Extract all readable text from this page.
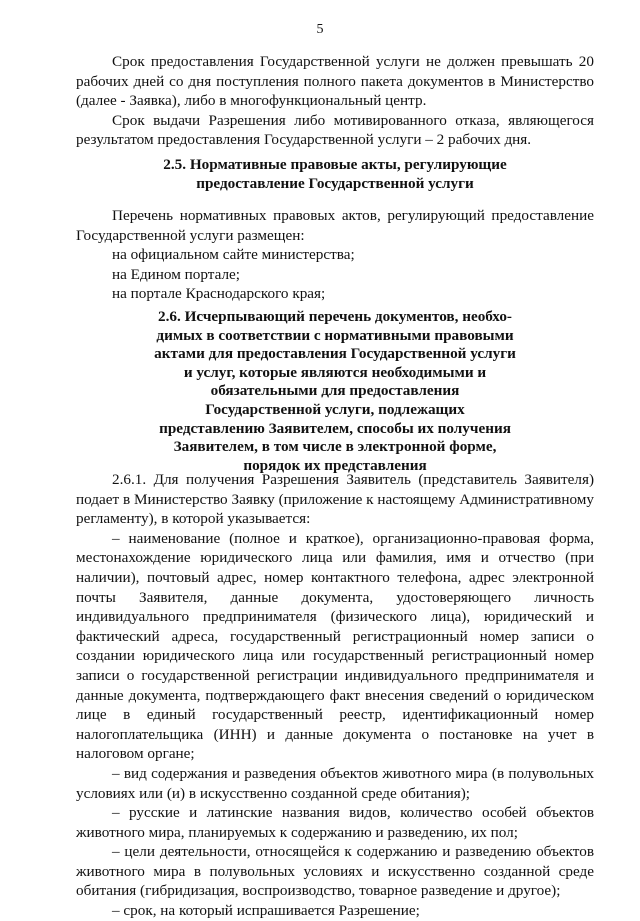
5

Срок предоставления Государственной услуги не должен превышать 20 рабочих дней со дня поступления полного пакета документов в Министерство (далее - Заявка), либо в многофункциональный центр.

Срок выдачи Разрешения либо мотивированного отказа, являющегося результатом предоставления Государственной услуги – 2 рабочих дня.

2.5. Нормативные правовые акты, регулирующие

предоставление Государственной услуги

Перечень нормативных правовых актов, регулирующий предоставление Государственной услуги размещен:

на официальном сайте министерства;

на Едином портале;

на портале Краснодарского края;

2.6. Исчерпывающий перечень документов, необхо-

димых в соответствии с нормативными правовыми

актами для предоставления Государственной услуги

и услуг, которые являются необходимыми и

обязательными для предоставления

Государственной услуги, подлежащих

представлению Заявителем, способы их получения

Заявителем, в том числе в электронной форме,

порядок их представления

2.6.1. Для получения Разрешения Заявитель (представитель Заявителя) подает в Министерство Заявку (приложение к настоящему Административному регламенту), в которой указывается:

– наименование (полное и краткое), организационно-правовая форма, местонахождение юридического лица или фамилия, имя и отчество (при наличии), почтовый адрес, номер контактного телефона, адрес электронной почты Заявителя, данные документа, удостоверяющего личность индивидуального предпринимателя (физического лица), юридический и фактический адреса, государственный регистрационный номер записи о создании юридического лица или государственный регистрационный номер записи о государственной регистрации индивидуального предпринимателя и данные документа, подтверждающего факт внесения сведений о юридическом лице в единый государственный реестр, идентификационный номер налогоплательщика (ИНН) и данные документа о постановке на учет в налоговом органе;

– вид содержания и разведения объектов животного мира (в полувольных условиях или (и) в искусственно созданной среде обитания);

– русские и латинские названия видов, количество особей объектов животного мира, планируемых к содержанию и разведению, их пол;

– цели деятельности, относящейся к содержанию и разведению объектов животного мира в полувольных условиях и искусственно созданной среде обитания (гибридизация, воспроизводство, товарное разведение и другое);

– срок, на который испрашивается Разрешение;
